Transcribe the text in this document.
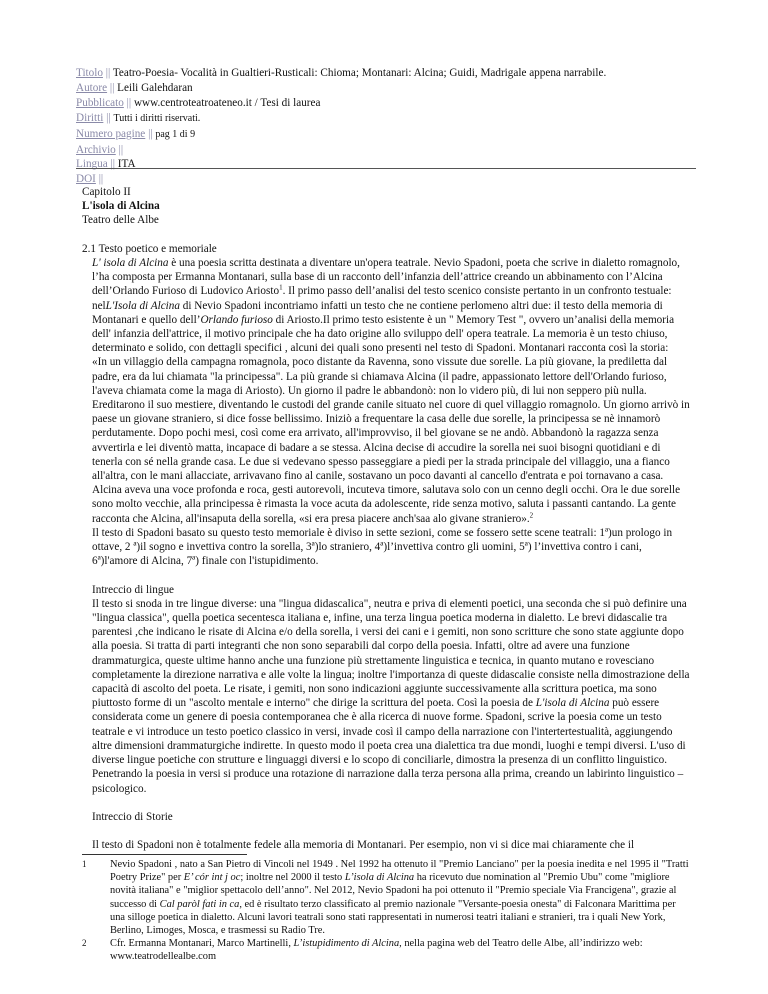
Titolo || Teatro-Poesia- Vocalità in Gualtieri-Rusticali: Chioma; Montanari: Alcina; Guidi, Madrigale appena narrabile.
Autore || Leili Galehdaran
Pubblicato || www.centroteatroateneo.it / Tesi di laurea
Diritti || Tutti i diritti riservati.
Numero pagine || pag 1 di 9
Archivio ||
Lingua || ITA
DOI ||

Capitolo II

L'isola di Alcina

Teatro delle Albe

2.1 Testo poetico e memoriale

L' isola di Alcina è una poesia scritta destinata a diventare un'opera teatrale. Nevio Spadoni, poeta che scrive in dialetto romagnolo, l’ha composta per Ermanna Montanari, sulla base di un racconto dell’infanzia dell’attrice creando un abbinamento con l’Alcina dell’Orlando Furioso di Ludovico Ariosto$^1$. Il primo passo dell’analisi del testo scenico consiste pertanto in un confronto testuale: nelL'Isola di Alcina di Nevio Spadoni incontriamo infatti un testo che ne contiene perlomeno altri due: il testo della memoria di Montanari e quello dell’Orlando furioso di Ariosto.Il primo testo esistente è un " Memory Test ", ovvero un’analisi della memoria dell' infanzia dell'attrice, il motivo principale che ha dato origine allo sviluppo dell' opera teatrale. La memoria è un testo chiuso, determinato e solido, con dettagli specifici , alcuni dei quali sono presenti nel testo di Spadoni. Montanari racconta così la storia:

«In un villaggio della campagna romagnola, poco distante da Ravenna, sono vissute due sorelle. La più giovane, la prediletta dal padre, era da lui chiamata "la principessa". La più grande si chiamava Alcina (il padre, appassionato lettore dell'Orlando furioso, l'aveva chiamata come la maga di Ariosto). Un giorno il padre le abbandonò: non lo videro più, di lui non seppero più nulla. Ereditarono il suo mestiere, diventando le custodi del grande canile situato nel cuore di quel villaggio romagnolo. Un giorno arrivò in paese un giovane straniero, si dice fosse bellissimo. Iniziò a frequentare la casa delle due sorelle, la principessa se nè innamorò perdutamente. Dopo pochi mesi, così come era arrivato, all'improvviso, il bel giovane se ne andò. Abbandonò la ragazza senza avvertirla e lei diventò matta, incapace di badare a se stessa. Alcina decise di accudire la sorella nei suoi bisogni quotidiani e di tenerla con sé nella grande casa. Le due si vedevano spesso passeggiare a piedi per la strada principale del villaggio, una a fianco all'altra, con le mani allacciate, arrivavano fino al canile, sostavano un poco davanti al cancello d'entrata e poi tornavano a casa. Alcina aveva una voce profonda e roca, gesti autorevoli, incuteva timore, salutava solo con un cenno degli occhi. Ora le due sorelle sono molto vecchie, alla principessa è rimasta la voce acuta da adolescente, ride senza motivo, saluta i passanti cantando. La gente racconta che Alcina, all'insaputa della sorella, «si era presa piacere anch'saa alo givane straniero».$^2$

Il testo di Spadoni basato su questo testo memoriale è diviso in sette sezioni, come se fossero sette scene teatrali: 1ª)un prologo in ottave, 2 ª)il sogno e invettiva contro la sorella, 3ª)lo straniero, 4ª)l’invettiva contro gli uomini, 5ª) l’invettiva contro i cani, 6ª)l'amore di Alcina, 7ª) finale con l'istupidimento.

Intreccio di lingue

Il testo si snoda in tre lingue diverse: una "lingua didascalica", neutra e priva di elementi poetici, una seconda che si può definire una "lingua classica", quella poetica secentesca italiana e, infine, una terza lingua poetica moderna in dialetto. Le brevi didascalie tra parentesi ,che indicano le risate di Alcina e/o della sorella, i versi dei cani e i gemiti, non sono scritture che sono state aggiunte dopo alla poesia. Si tratta di parti integranti che non sono separabili dal corpo della poesia. Infatti, oltre ad avere una funzione drammaturgica, queste ultime hanno anche una funzione più strettamente linguistica e tecnica, in quanto mutano e rovesciano completamente la direzione narrativa e alle volte la lingua; inoltre l'importanza di queste didascalie consiste nella dimostrazione della capacità di ascolto del poeta. Le risate, i gemiti, non sono indicazioni aggiunte successivamente alla scrittura poetica, ma sono piuttosto forme di un "ascolto mentale e interno" che dirige la scrittura del poeta. Così la poesia de L'isola di Alcina può essere considerata come un genere di poesia contemporanea che è alla ricerca di nuove forme. Spadoni, scrive la poesia come un testo teatrale e vi introduce un testo poetico classico in versi, invade così il campo della narrazione con l'intertertestualità, aggiungendo altre dimensioni drammaturgiche indirette. In questo modo il poeta crea una dialettica tra due mondi, luoghi e tempi diversi. L'uso di diverse lingue poetiche con strutture e linguaggi diversi e lo scopo di conciliarle, dimostra la presenza di un conflitto linguistico. Penetrando la poesia in versi si produce una rotazione di narrazione dalla terza persona alla prima, creando un labirinto linguistico – psicologico.

Intreccio di Storie

Il testo di Spadoni non è totalmente fedele alla memoria di Montanari. Per esempio, non vi si dice mai chiaramente che il

1 Nevio Spadoni , nato a San Pietro di Vincoli nel 1949 . Nel 1992 ha ottenuto il "Premio Lanciano" per la poesia inedita e nel 1995 il "Tratti Poetry Prize" per E’ cór int j oc; inoltre nel 2000 il testo L’isola di Alcina ha ricevuto due nomination al "Premio Ubu" come "migliore novità italiana" e "miglior spettacolo dell’anno". Nel 2012, Nevio Spadoni ha poi ottenuto il "Premio speciale Via Francigena", grazie al successo di Cal paròl fati in ca, ed è risultato terzo classificato al premio nazionale "Versante-poesia onesta" di Falconara Marittima per una silloge poetica in dialetto. Alcuni lavori teatrali sono stati rappresentati in numerosi teatri italiani e stranieri, tra i quali New York, Berlino, Limoges, Mosca, e trasmessi su Radio Tre.
2 Cfr. Ermanna Montanari, Marco Martinelli, L’istupidimento di Alcina, nella pagina web del Teatro delle Albe, all’indirizzo web: www.teatrodellealbe.com
